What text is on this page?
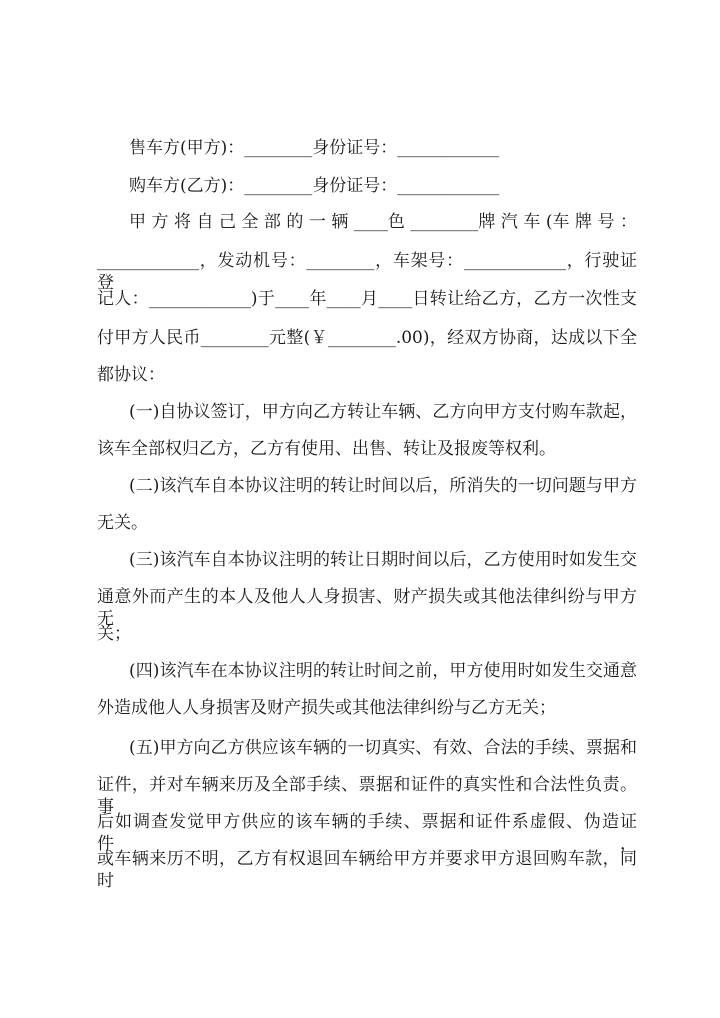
售车方(甲方)：________身份证号：____________
购车方(乙方)：________身份证号：____________
甲 方 将 自 己 全 部 的 一 辆 ____色 ________牌 汽 车 (车 牌 号 ：
____________，发动机号：________，车架号：____________，行驶证登
记人：____________)于____年____月____日转让给乙方，乙方一次性支
付甲方人民币________元整(￥________.00)，经双方协商，达成以下全
都协议：
(一)自协议签订，甲方向乙方转让车辆、乙方向甲方支付购车款起，
该车全部权归乙方，乙方有使用、出售、转让及报废等权利。
(二)该汽车自本协议注明的转让时间以后，所消失的一切问题与甲方
无关。
(三)该汽车自本协议注明的转让日期时间以后，乙方使用时如发生交
通意外而产生的本人及他人人身损害、财产损失或其他法律纠纷与甲方无
关；
(四)该汽车在本协议注明的转让时间之前，甲方使用时如发生交通意
外造成他人人身损害及财产损失或其他法律纠纷与乙方无关；
(五)甲方向乙方供应该车辆的一切真实、有效、合法的手续、票据和
证件，并对车辆来历及全部手续、票据和证件的真实性和合法性负责。事
后如调查发觉甲方供应的该车辆的手续、票据和证件系虚假、伪造证件，
或车辆来历不明，乙方有权退回车辆给甲方并要求甲方退回购车款，同时
